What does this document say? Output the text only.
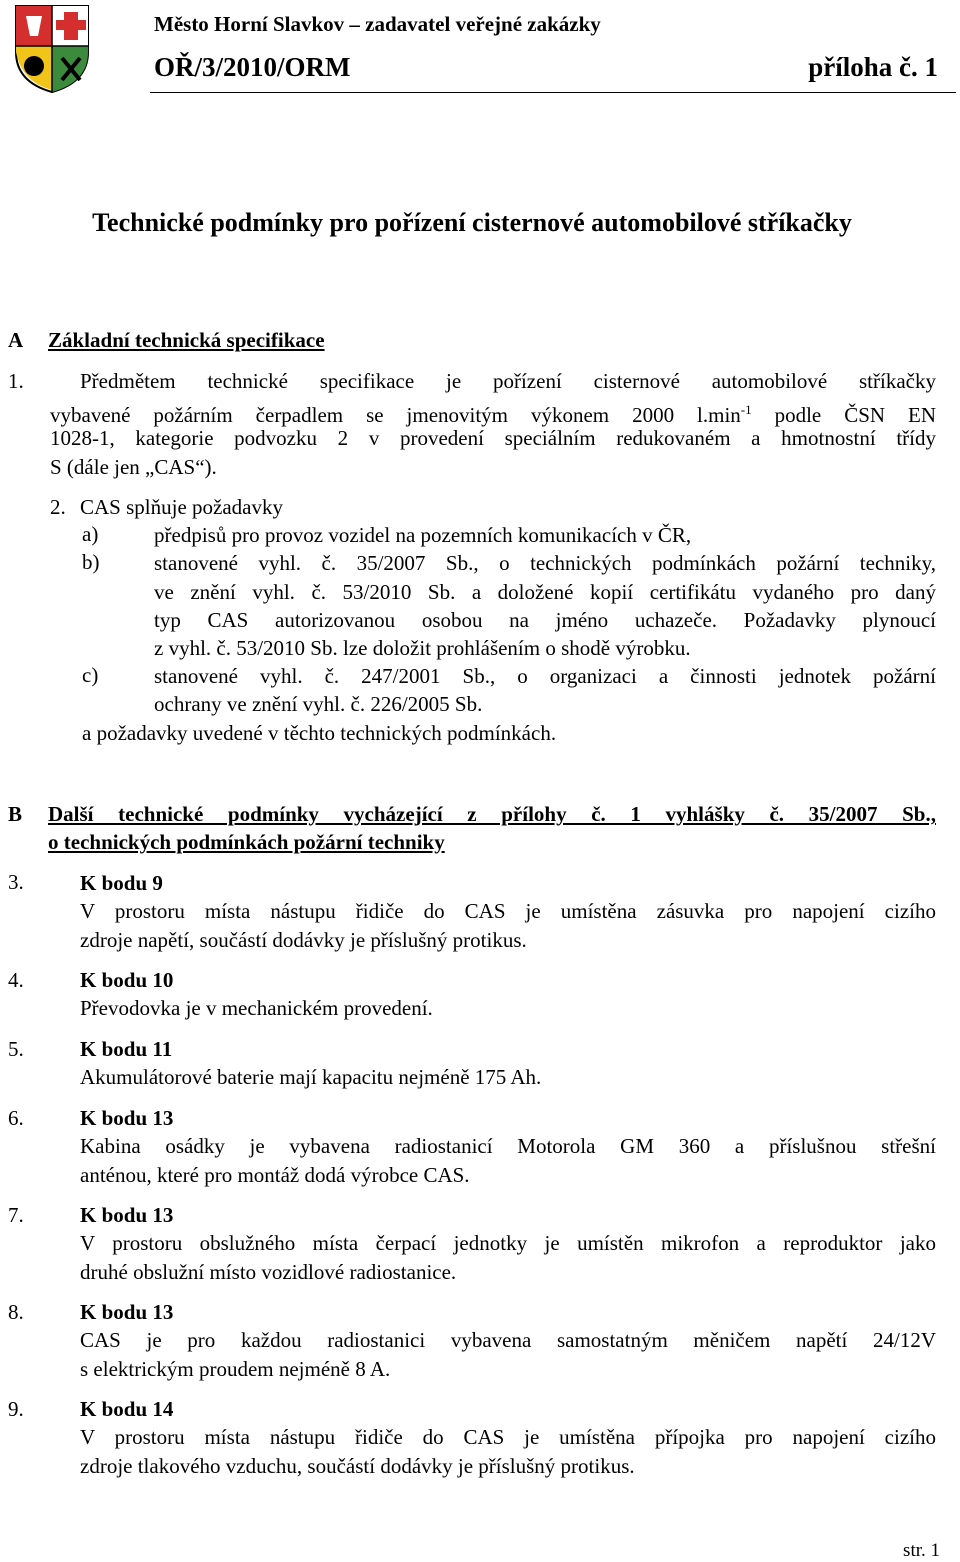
Město Horní Slavkov – zadavatel veřejné zakázky
OŘ/3/2010/ORM	příloha č. 1
Technické podmínky pro pořízení cisternové automobilové stříkačky
A Základní technická specifikace
1.	Předmětem technické specifikace je pořízení cisternové automobilové stříkačky
vybavené požárním čerpadlem se jmenovitým výkonem 2000 $l.\min^{-1}$ podle ČSN EN
1028-1, kategorie podvozku 2 v provedení speciálním redukovaném a hmotnostní třídy
S (dále jen „CAS“).
2. CAS splňuje požadavky
a)	předpisů pro provoz vozidel na pozemních komunikacích v ČR,
b)	stanovené vyhl. č. 35/2007 Sb., o technických podmínkách požární techniky,
ve znění vyhl. č. 53/2010 Sb. a doložené kopií certifikátu vydaného pro daný
typ CAS autorizovanou osobou na jméno uchazeče. Požadavky plynoucí
z vyhl. č. 53/2010 Sb. lze doložit prohlášením o shodě výrobku.
c)	stanovené vyhl. č. 247/2001 Sb., o organizaci a činnosti jednotek požární
ochrany ve znění vyhl. č. 226/2005 Sb.
a požadavky uvedené v těchto technických podmínkách.
B Další technické podmínky vycházející z přílohy č. 1 vyhlášky č. 35/2007 Sb.,
o technických podmínkách požární techniky
3.	K bodu 9
V prostoru místa nástupu řidiče do CAS je umístěna zásuvka pro napojení cizího
zdroje napětí, součástí dodávky je příslušný protikus.
4.	K bodu 10
Převodovka je v mechanickém provedení.
5.	K bodu 11
Akumulátorové baterie mají kapacitu nejméně 175 Ah.
6.	K bodu 13
Kabina osádky je vybavena radiostanicí Motorola GM 360 a příslušnou střešní
anténou, které pro montáž dodá výrobce CAS.
7.	K bodu 13
V prostoru obslužného místa čerpací jednotky je umístěn mikrofon a reproduktor jako
druhé obslužní místo vozidlové radiostanice.
8.	K bodu 13
CAS je pro každou radiostanici vybavena samostatným měničem napětí 24/12V
s elektrickým proudem nejméně 8 A.
9.	K bodu 14
V prostoru místa nástupu řidiče do CAS je umístěna přípojka pro napojení cizího
zdroje tlakového vzduchu, součástí dodávky je příslušný protikus.
str. 1
